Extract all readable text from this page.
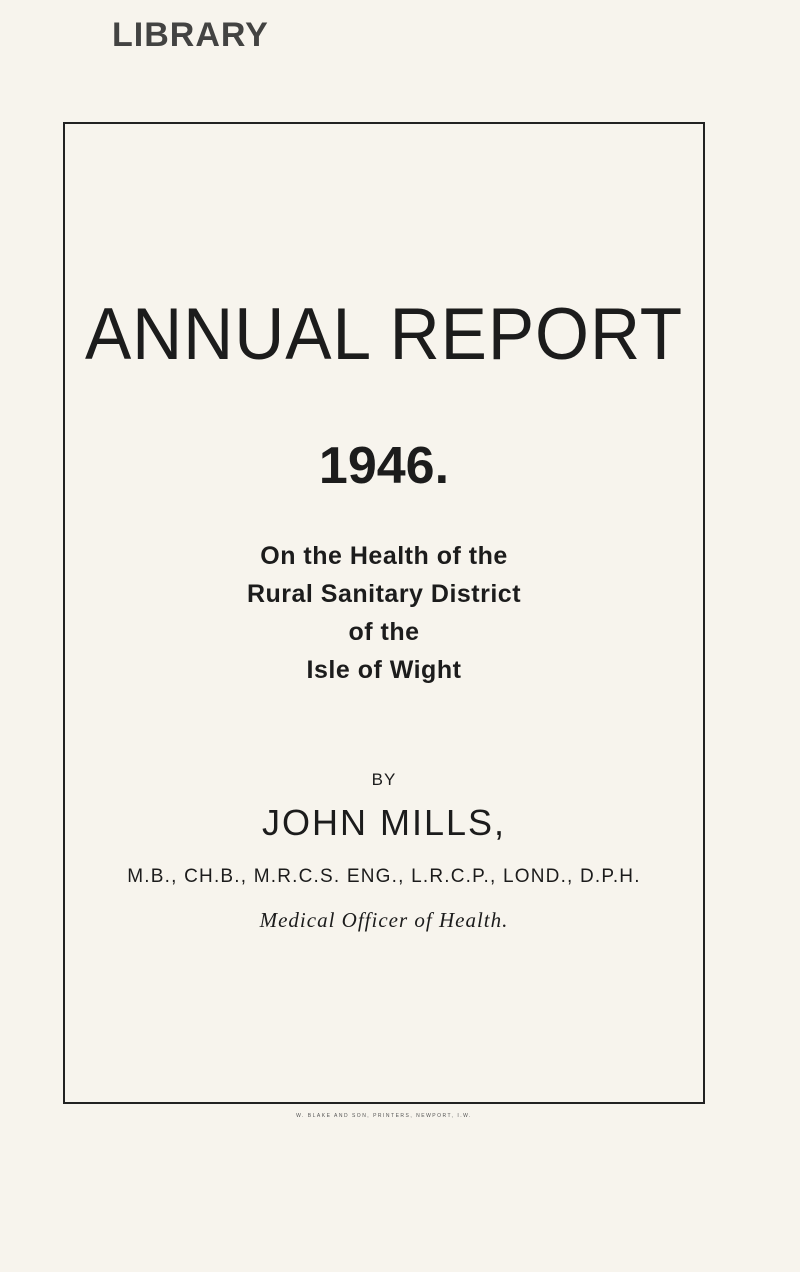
LIBRARY
ANNUAL REPORT
1946.
On the Health of the
Rural Sanitary District
of the
Isle of Wight
BY
JOHN MILLS,
M.B., CH.B., M.R.C.S. ENG., L.R.C.P., LOND., D.P.H.
Medical Officer of Health.
W. BLAKE AND SON, PRINTERS, NEWPORT, I.W.
